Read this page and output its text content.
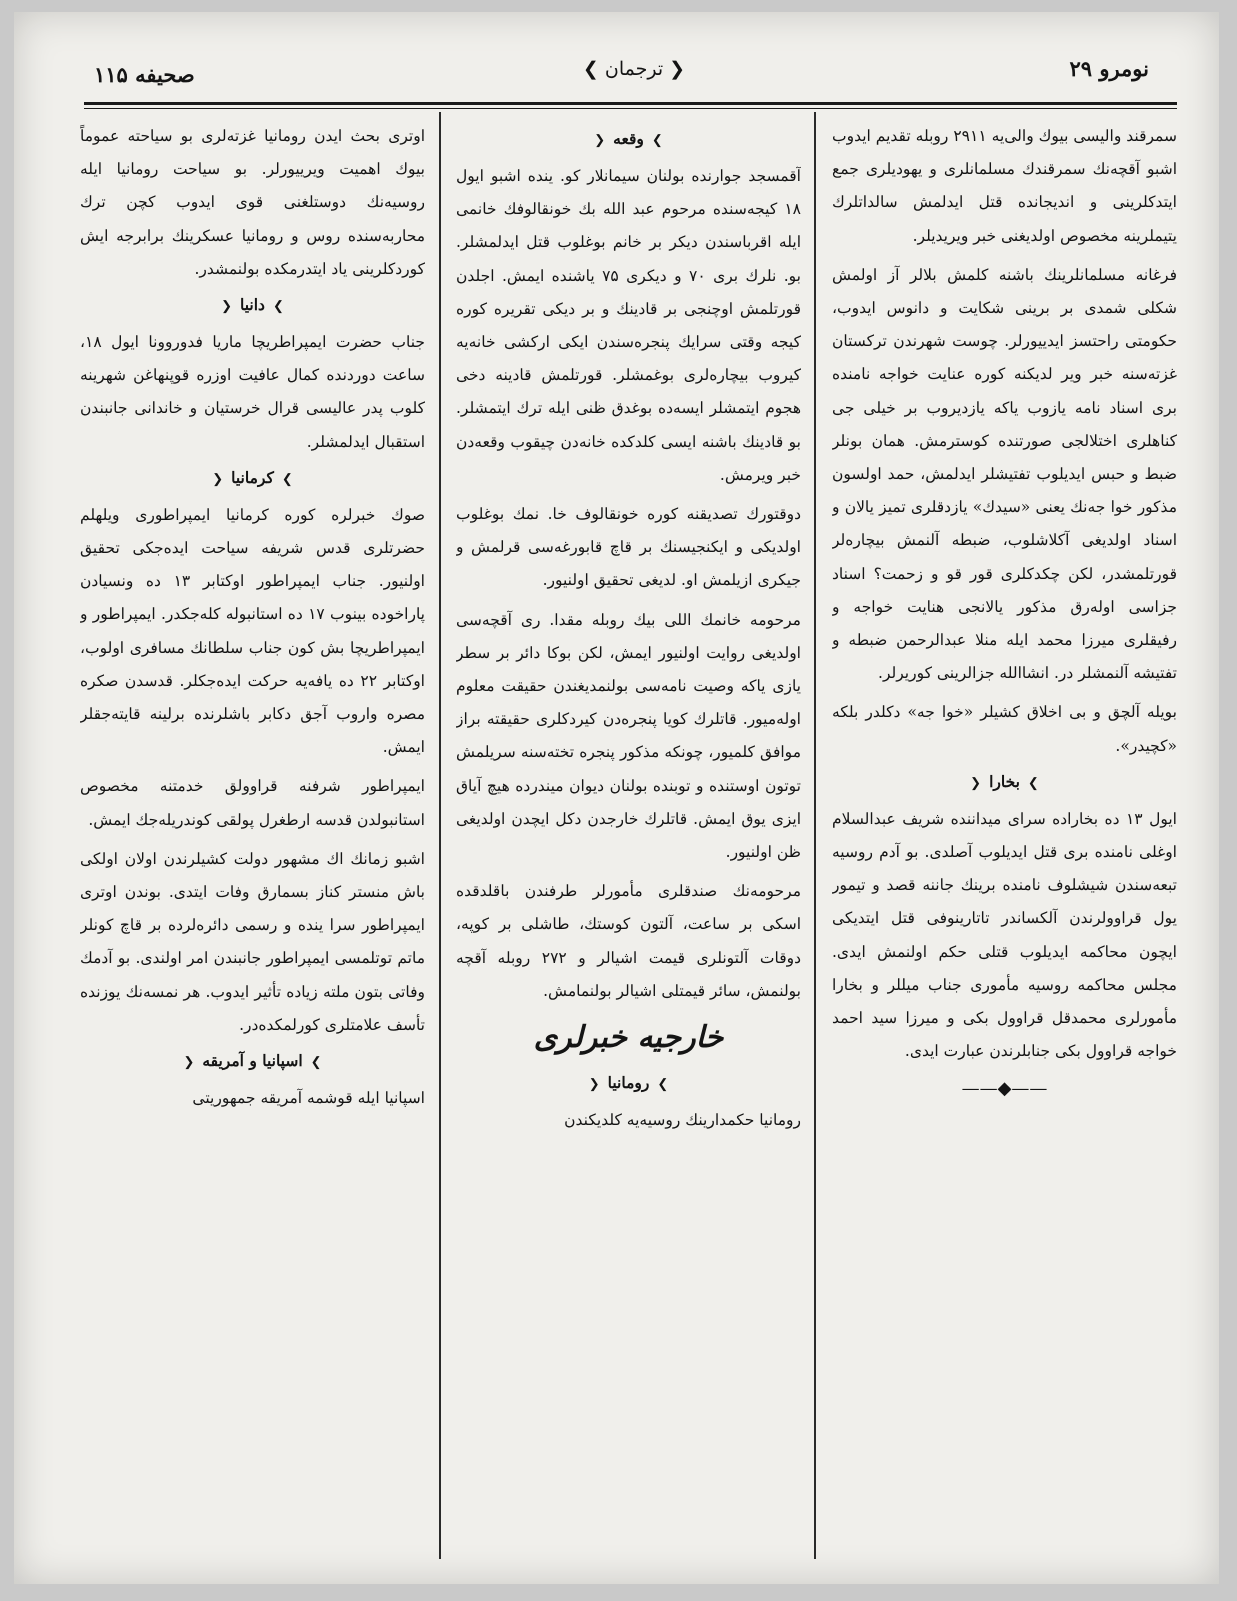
صحیفه ۱۱۵	❮ ترجمان ❯	نومرو ۲۹

سمرقند والیسی بیوك والی‌یه ۲۹۱۱ روبله تقدیم ایدوب اشبو آقچه‌نك سمرقندك مسلمانلری و یهودیلری جمع ایتدکلرینی و اندیجانده قتل ایدلمش سالداتلرك یتیملرینه مخصوص اولدیغنی خبر ویریدیلر.

فرغانه مسلمانلرینك باشنه کلمش بلالر آز اولمش شکلی شمدی بر برینی شکایت و دانوس ایدوب، حکومتی راحتسز ایدییورلر. چوست شهرندن ترکستان غزته‌سنه خبر ویر لدیکنه کوره عنایت خواجه نامنده بری اسناد نامه یازوب یاکه یازدیروب بر خیلی جی کناهلری اختلالجی صورتنده کوسترمش. همان بونلر ضبط و حبس ایدیلوب تفتیشلر ایدلمش، حمد اولسون مذکور خوا جه‌نك یعنی «سیدك» یازدقلری تمیز یالان و اسناد اولدیغی آکلاشلوب، ضبطه آلنمش بیچاره‌لر قورتلمشدر، لکن چکدکلری قور قو و زحمت؟ اسناد جزاسی اوله‌رق مذکور یالانجی هنایت خواجه و رفیقلری میرزا محمد ایله منلا عبدالرحمن ضبطه و تفتیشه آلنمشلر در. انشاالله جزالرینی کوریرلر.

بویله آلچق و بی اخلاق کشیلر «خوا جه» دکلدر بلکه «کچیدر».

❯بخارا❮

ایول ۱۳ ده بخاراده سرای میداننده شریف عبدالسلام اوغلی نامنده بری قتل ایدیلوب آصلدی. بو آدم روسیه تبعه‌سندن شیشلوف نامنده برینك جاننه قصد و تیمور یول قراوولرندن آلکساندر تاتارینوفی قتل ایتدیکی ایچون محاکمه ایدیلوب قتلی حکم اولنمش ایدی. مجلس محاکمه روسیه مأموری جناب میللر و بخارا مأمورلری محمدقل قراوول بکی و میرزا سید احمد خواجه قراوول بکی جنابلرندن عبارت ایدی.

——◆——
❯وقعه❮

آقمسجد جوارنده بولنان سیمانلار کو. ینده اشبو ایول ۱۸ کیجه‌سنده مرحوم عبد الله بك خونقالوفك خانمی ایله اقرباسندن دیکر بر خانم بوغلوب قتل ایدلمشلر. بو. نلرك بری ۷۰ و دیکری ۷۵ یاشنده ایمش. اجلدن قورتلمش اوچنجی بر قادینك و بر دیکی تقریره کوره کیجه وقتی سرایك پنجره‌سندن ایکی ارکشی خانه‌یه کیروب بیچاره‌لری بوغمشلر. قورتلمش قادینه دخی هجوم ایتمشلر ایسه‌ده بوغدق ظنی ایله ترك ایتمشلر. بو قادینك باشنه ایسی کلدکده خانه‌دن چیقوب وقعه‌دن خبر ویرمش.

دوقتورك تصدیقنه کوره خونقالوف خا. نمك بوغلوب اولدیکی و ایکنجیسنك بر قاچ قابورغه‌سی قرلمش و جیکری ازیلمش او. لدیغی تحقیق اولنیور.

مرحومه خانمك اللی بیك روبله مقدا. ری آقچه‌سی اولدیغی روایت اولنیور ایمش، لکن بوکا دائر بر سطر یازی یاکه وصیت نامه‌سی بولنمدیغندن حقیقت معلوم اوله‌میور. قاتلرك کویا پنجره‌دن کیردکلری حقیقته براز موافق کلمیور، چونکه مذکور پنجره تخته‌سنه سریلمش توتون اوستنده و توبنده بولنان دیوان میندرده هیچ آیاق ایزی یوق ایمش. قاتلرك خارجدن دکل ایچدن اولدیغی ظن اولنیور.

مرحومه‌نك صندقلری مأمورلر طرفندن باقلدقده اسکی بر ساعت، آلتون کوستك، طاشلی بر کوپه، دوقات آلتونلری قیمت اشیالر و ۲۷۲ روبله آقچه بولنمش، سائر قیمتلی اشیالر بولنمامش.

خارجیه خبرلری
❯رومانیا❮

رومانیا حکمدارینك روسیه‌یه کلدیکندن

اوتری بحث ایدن رومانیا غزته‌لری بو سیاحته عموماً بیوك اهمیت ویرییورلر. بو سیاحت رومانیا ایله روسیه‌نك دوستلغنی قوی ایدوب کچن ترك محاربه‌سنده روس و رومانیا عسکرینك برابرجه ایش کوردکلرینی یاد ایتدرمکده بولنمشدر.

❯دانیا❮

جناب حضرت ایمپراطریچا ماریا فدوروونا ایول ۱۸، ساعت دوردنده کمال عافیت اوزره قوپنهاغن شهرینه کلوب پدر عالیسی قرال خرستیان و خاندانی جانبندن استقبال ایدلمشلر.

❯کرمانیا❮

صوك خبرلره کوره کرمانیا ایمپراطوری ویلهلم حضرتلری قدس شریفه سیاحت ایده‌جکی تحقیق اولنیور. جناب ایمپراطور اوکتابر ۱۳ ده ونسیادن پاراخوده بینوب ۱۷ ده استانبوله کله‌جکدر. ایمپراطور و ایمپراطریچا بش کون جناب سلطانك مسافری اولوب، اوکتابر ۲۲ ده یافه‌یه حرکت ایده‌جکلر. قدسدن صکره مصره واروب آجق دکابر باشلرنده برلینه قایته‌جقلر ایمش.

ایمپراطور شرفنه قراوولق خدمتنه مخصوص استانبولدن قدسه ارطغرل پولقی کوندریله‌جك ایمش.

اشبو زمانك اك مشهور دولت کشیلرندن اولان اولکی باش منستر کناز بسمارق وفات ایتدی. بوندن اوتری ایمپراطور سرا ینده و رسمی دائره‌لرده بر قاچ کونلر ماتم توتلمسی ایمپراطور جانبندن امر اولندی. بو آدمك وفاتی بتون ملته زیاده تأثیر ایدوب. هر نمسه‌نك یوزنده تأسف علامتلری کورلمکده‌در.

❯اسپانیا و آمریقه❮

اسپانیا ایله قوشمه آمریقه جمهوریتی
